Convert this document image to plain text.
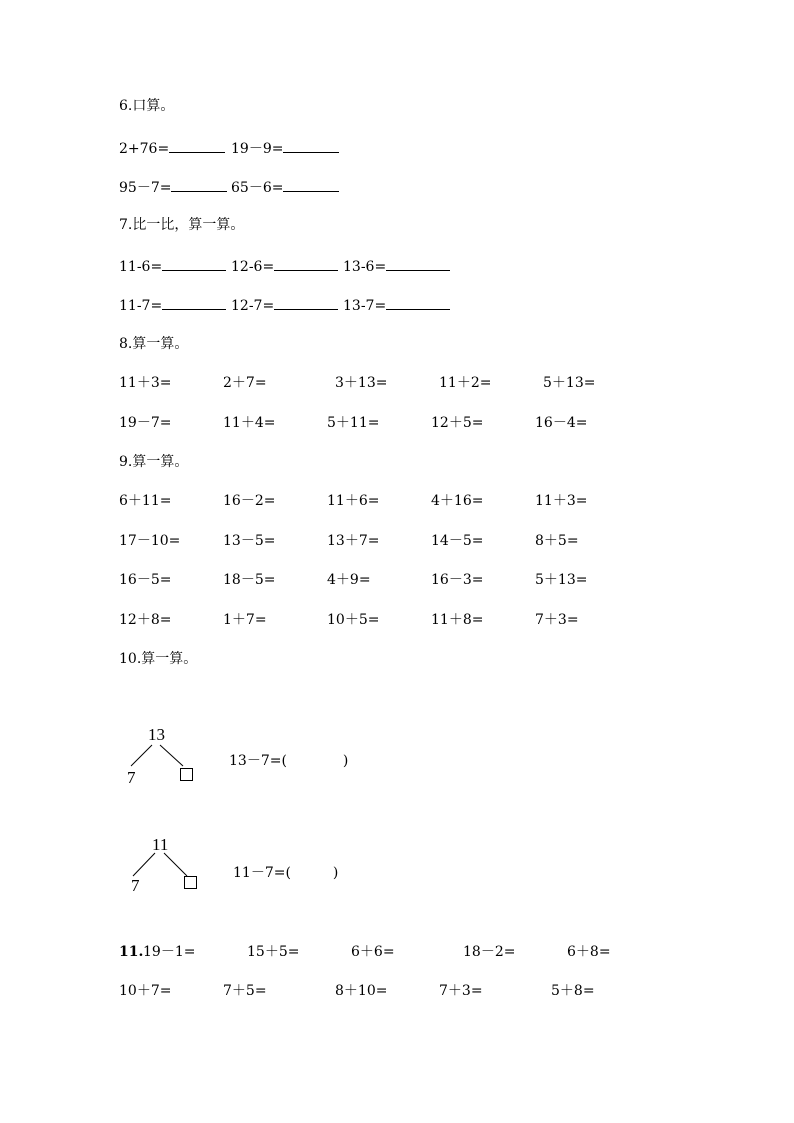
6.口算。
2+76=	19－9=
95－7=	65－6=
7.比一比，算一算。
11-6=	12-6=	13-6=
11-7=	12-7=	13-7=
8.算一算。
11＋3=	2＋7=	3＋13=	11＋2=	5＋13=
19－7=	11＋4=	5＋11=	12＋5=	16－4=
9.算一算。
6＋11=	16－2=	11＋6=	4＋16=	11＋3=
17－10=	13－5=	13＋7=	14－5=	8＋5=
16－5=	18－5=	4＋9=	16－3=	5＋13=
12＋8=	1＋7=	10＋5=	11＋8=	7＋3=
10.算一算。
13
7
13－7=(　　　　)
11
7
11－7=(　　　)
11. 19－1=	15＋5=	6＋6=	18－2=	6＋8=
10＋7=	7＋5=	8＋10=	7＋3=	5＋8=
